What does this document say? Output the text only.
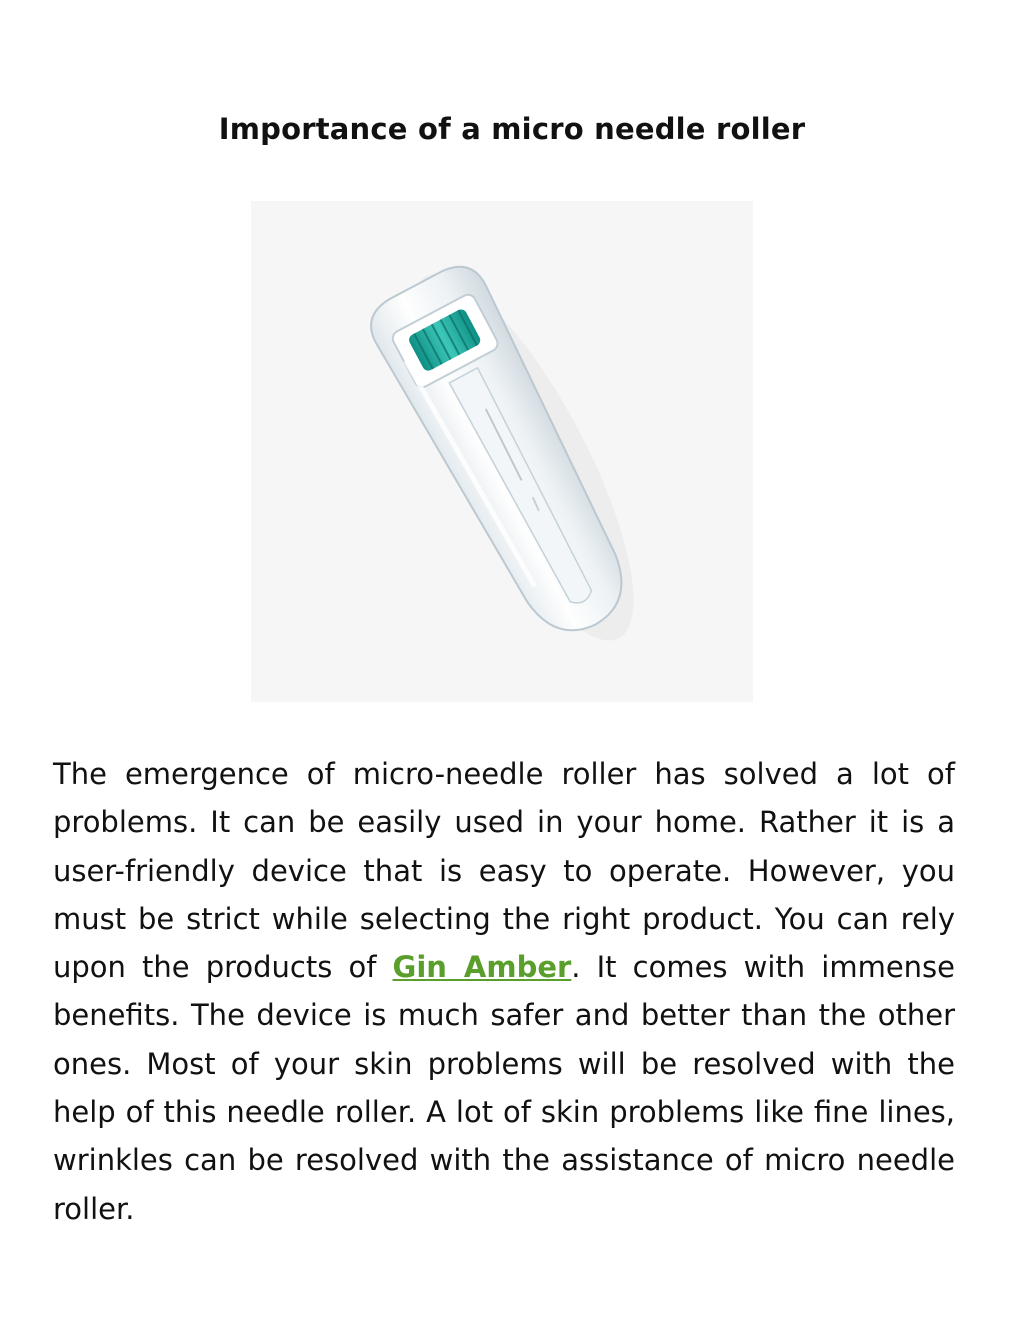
Importance of a micro needle roller

The emergence of micro-needle roller has solved a lot of problems. It can be easily used in your home. Rather it is a user-friendly device that is easy to operate. However, you must be strict while selecting the right product. You can rely upon the products of Gin Amber. It comes with immense benefits. The device is much safer and better than the other ones. Most of your skin problems will be resolved with the help of this needle roller. A lot of skin problems like fine lines, wrinkles can be resolved with the assistance of micro needle roller.
